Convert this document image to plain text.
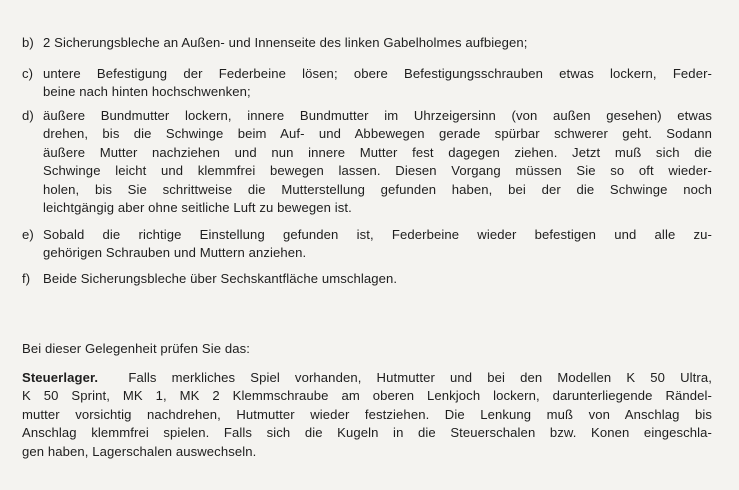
b) 2 Sicherungsbleche an Außen- und Innenseite des linken Gabelholmes aufbiegen;
c) untere Befestigung der Federbeine lösen; obere Befestigungsschrauben etwas lockern, Feder-
beine nach hinten hochschwenken;
d) äußere Bundmutter lockern, innere Bundmutter im Uhrzeigersinn (von außen gesehen) etwas
drehen, bis die Schwinge beim Auf- und Abbewegen gerade spürbar schwerer geht. Sodann
äußere Mutter nachziehen und nun innere Mutter fest dagegen ziehen. Jetzt muß sich die
Schwinge leicht und klemmfrei bewegen lassen. Diesen Vorgang müssen Sie so oft wieder-
holen, bis Sie schrittweise die Mutterstellung gefunden haben, bei der die Schwinge noch
leichtgängig aber ohne seitliche Luft zu bewegen ist.
e) Sobald die richtige Einstellung gefunden ist, Federbeine wieder befestigen und alle zu-
gehörigen Schrauben und Muttern anziehen.
f) Beide Sicherungsbleche über Sechskantfläche umschlagen.
Bei dieser Gelegenheit prüfen Sie das:
Steuerlager. Falls merkliches Spiel vorhanden, Hutmutter und bei den Modellen K 50 Ultra,
K 50 Sprint, MK 1, MK 2 Klemmschraube am oberen Lenkjoch lockern, darunterliegende Rändel-
mutter vorsichtig nachdrehen, Hutmutter wieder festziehen. Die Lenkung muß von Anschlag bis
Anschlag klemmfrei spielen. Falls sich die Kugeln in die Steuerschalen bzw. Konen eingeschla-
gen haben, Lagerschalen auswechseln.
